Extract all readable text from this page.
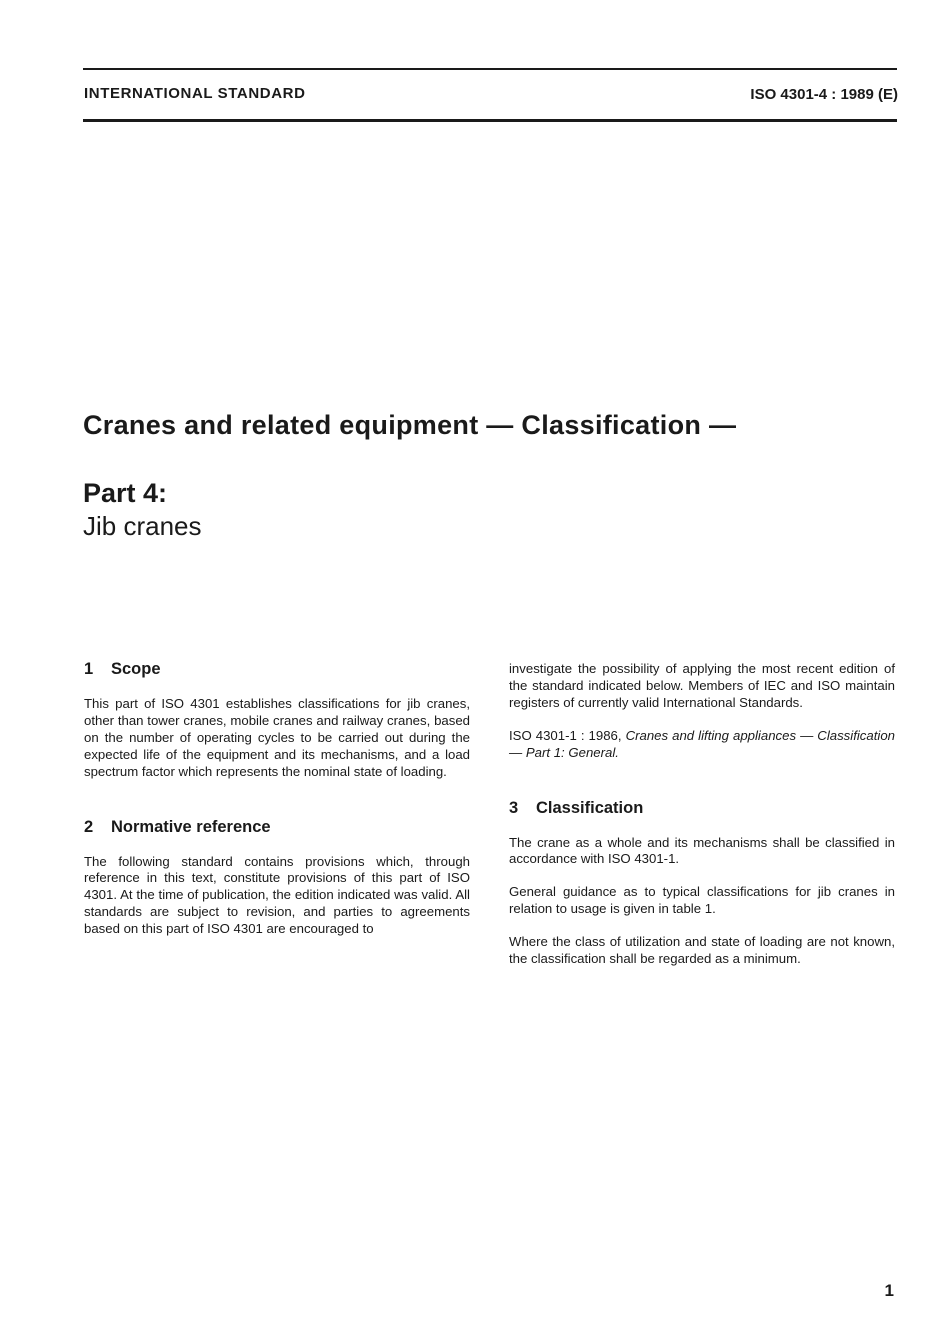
INTERNATIONAL STANDARD	ISO 4301-4 : 1989 (E)
Cranes and related equipment — Classification —
Part 4:
Jib cranes
1 Scope

This part of ISO 4301 establishes classifications for jib cranes, other than tower cranes, mobile cranes and railway cranes, based on the number of operating cycles to be carried out during the expected life of the equipment and its mechanisms, and a load spectrum factor which represents the nominal state of loading.

2 Normative reference

The following standard contains provisions which, through reference in this text, constitute provisions of this part of ISO 4301. At the time of publication, the edition indicated was valid. All standards are subject to revision, and parties to agreements based on this part of ISO 4301 are encouraged to

investigate the possibility of applying the most recent edition of the standard indicated below. Members of IEC and ISO maintain registers of currently valid International Standards.

ISO 4301-1 : 1986, Cranes and lifting appliances — Classification — Part 1: General.

3 Classification

The crane as a whole and its mechanisms shall be classified in accordance with ISO 4301-1.

General guidance as to typical classifications for jib cranes in relation to usage is given in table 1.

Where the class of utilization and state of loading are not known, the classification shall be regarded as a minimum.

1
